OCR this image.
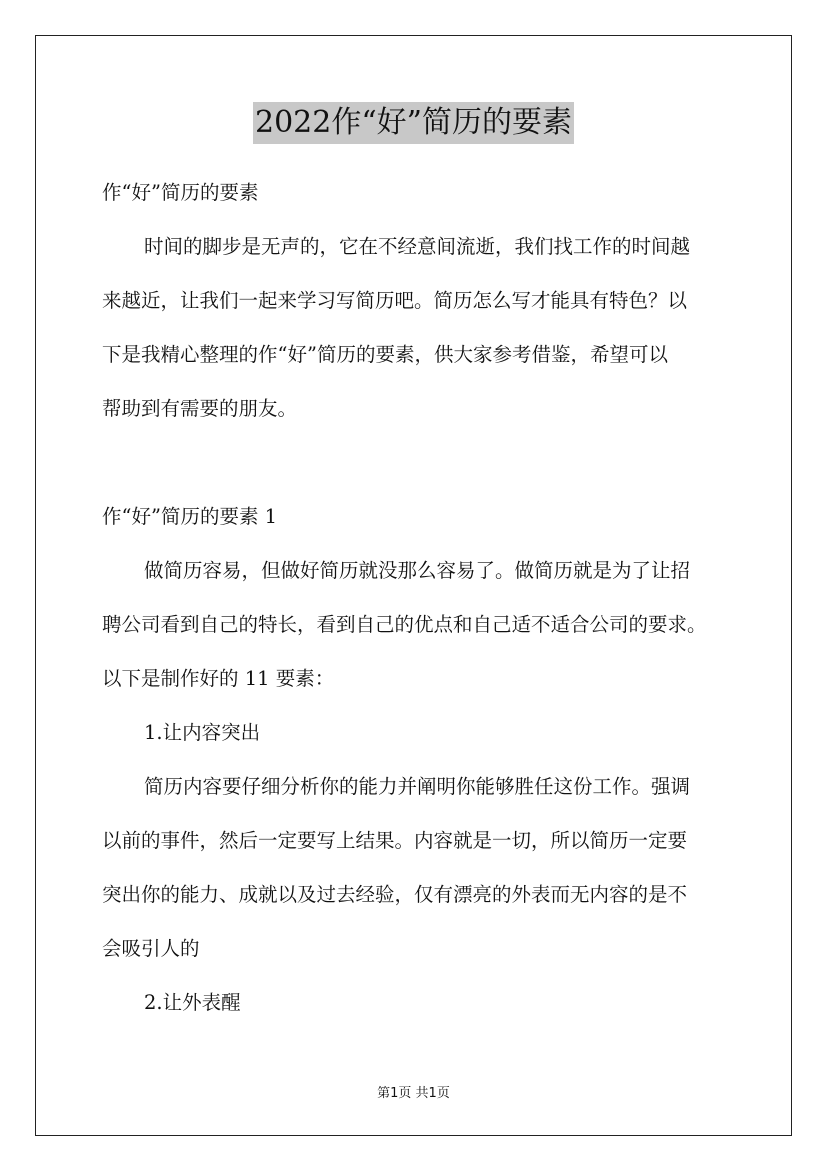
2022作“好”简历的要素
作“好”简历的要素
时间的脚步是无声的，它在不经意间流逝，我们找工作的时间越
来越近，让我们一起来学习写简历吧。简历怎么写才能具有特色？以
下是我精心整理的作“好”简历的要素，供大家参考借鉴，希望可以
帮助到有需要的朋友。
作“好”简历的要素 1
做简历容易，但做好简历就没那么容易了。做简历就是为了让招
聘公司看到自己的特长，看到自己的优点和自己适不适合公司的要求。
以下是制作好的 11 要素：
1.让内容突出
简历内容要仔细分析你的能力并阐明你能够胜任这份工作。强调
以前的事件，然后一定要写上结果。内容就是一切，所以简历一定要
突出你的能力、成就以及过去经验，仅有漂亮的外表而无内容的是不
会吸引人的
2.让外表醒
第1页 共1页
